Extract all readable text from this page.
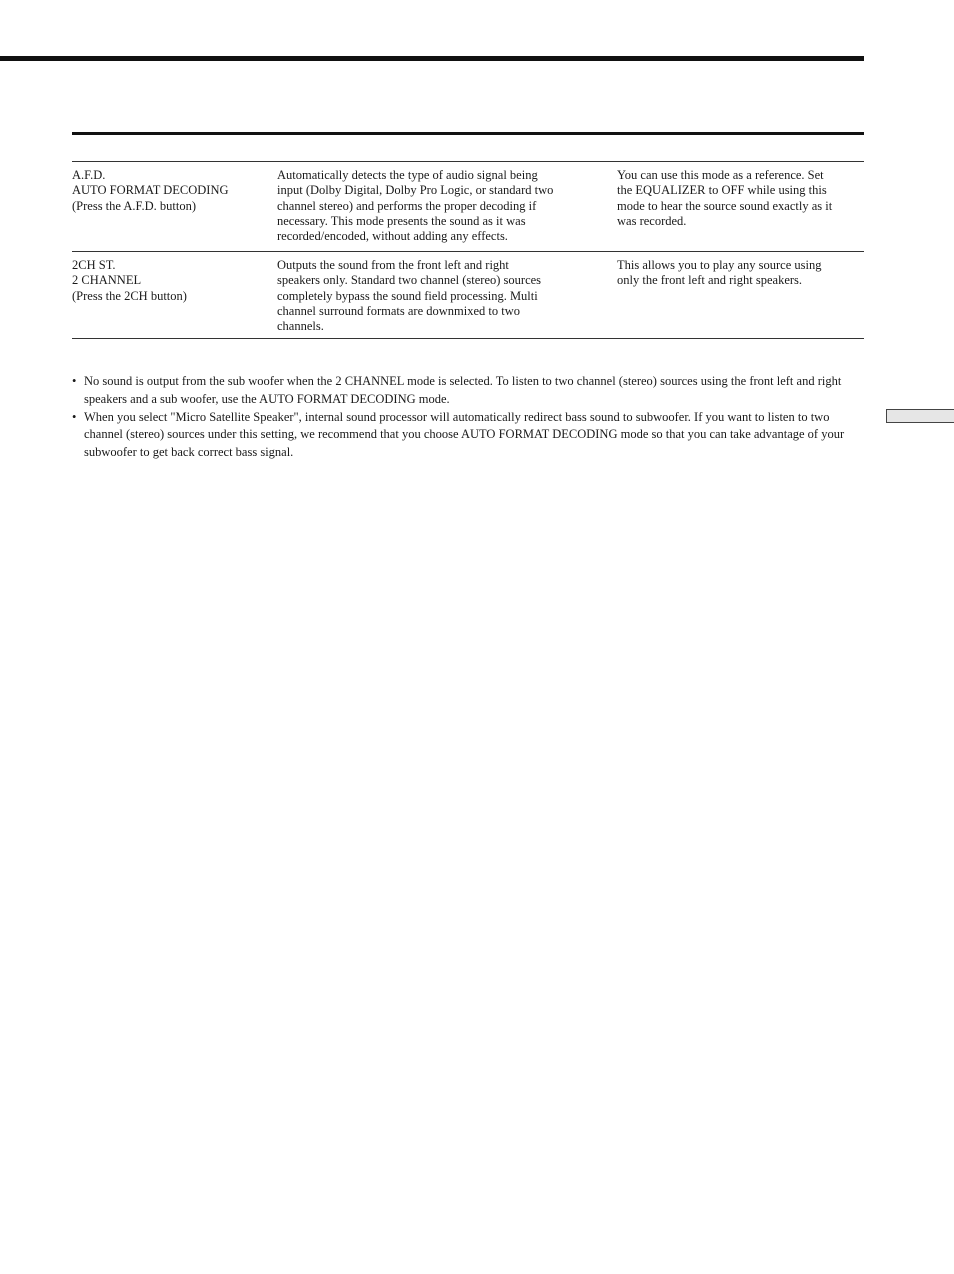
A.F.D.
AUTO FORMAT DECODING
(Press the A.F.D. button)
Automatically detects the type of audio signal being
input (Dolby Digital, Dolby Pro Logic, or standard two
channel stereo) and performs the proper decoding if
necessary. This mode presents the sound as it was
recorded/encoded, without adding any effects.
You can use this mode as a reference. Set
the EQUALIZER to OFF while using this
mode to hear the source sound exactly as it
was recorded.
2CH ST.
2 CHANNEL
(Press the 2CH button)
Outputs the sound from the front left and right
speakers only. Standard two channel (stereo) sources
completely bypass the sound field processing. Multi
channel surround formats are downmixed to two
channels.
This allows you to play any source using
only the front left and right speakers.
• No sound is output from the sub woofer when the 2 CHANNEL mode is selected. To listen to two channel (stereo) sources using the front left and right speakers and a sub woofer, use the AUTO FORMAT DECODING mode.
• When you select "Micro Satellite Speaker", internal sound processor will automatically redirect bass sound to subwoofer. If you want to listen to two channel (stereo) sources under this setting, we recommend that you choose AUTO FORMAT DECODING mode so that you can take advantage of your subwoofer to get back correct bass signal.
